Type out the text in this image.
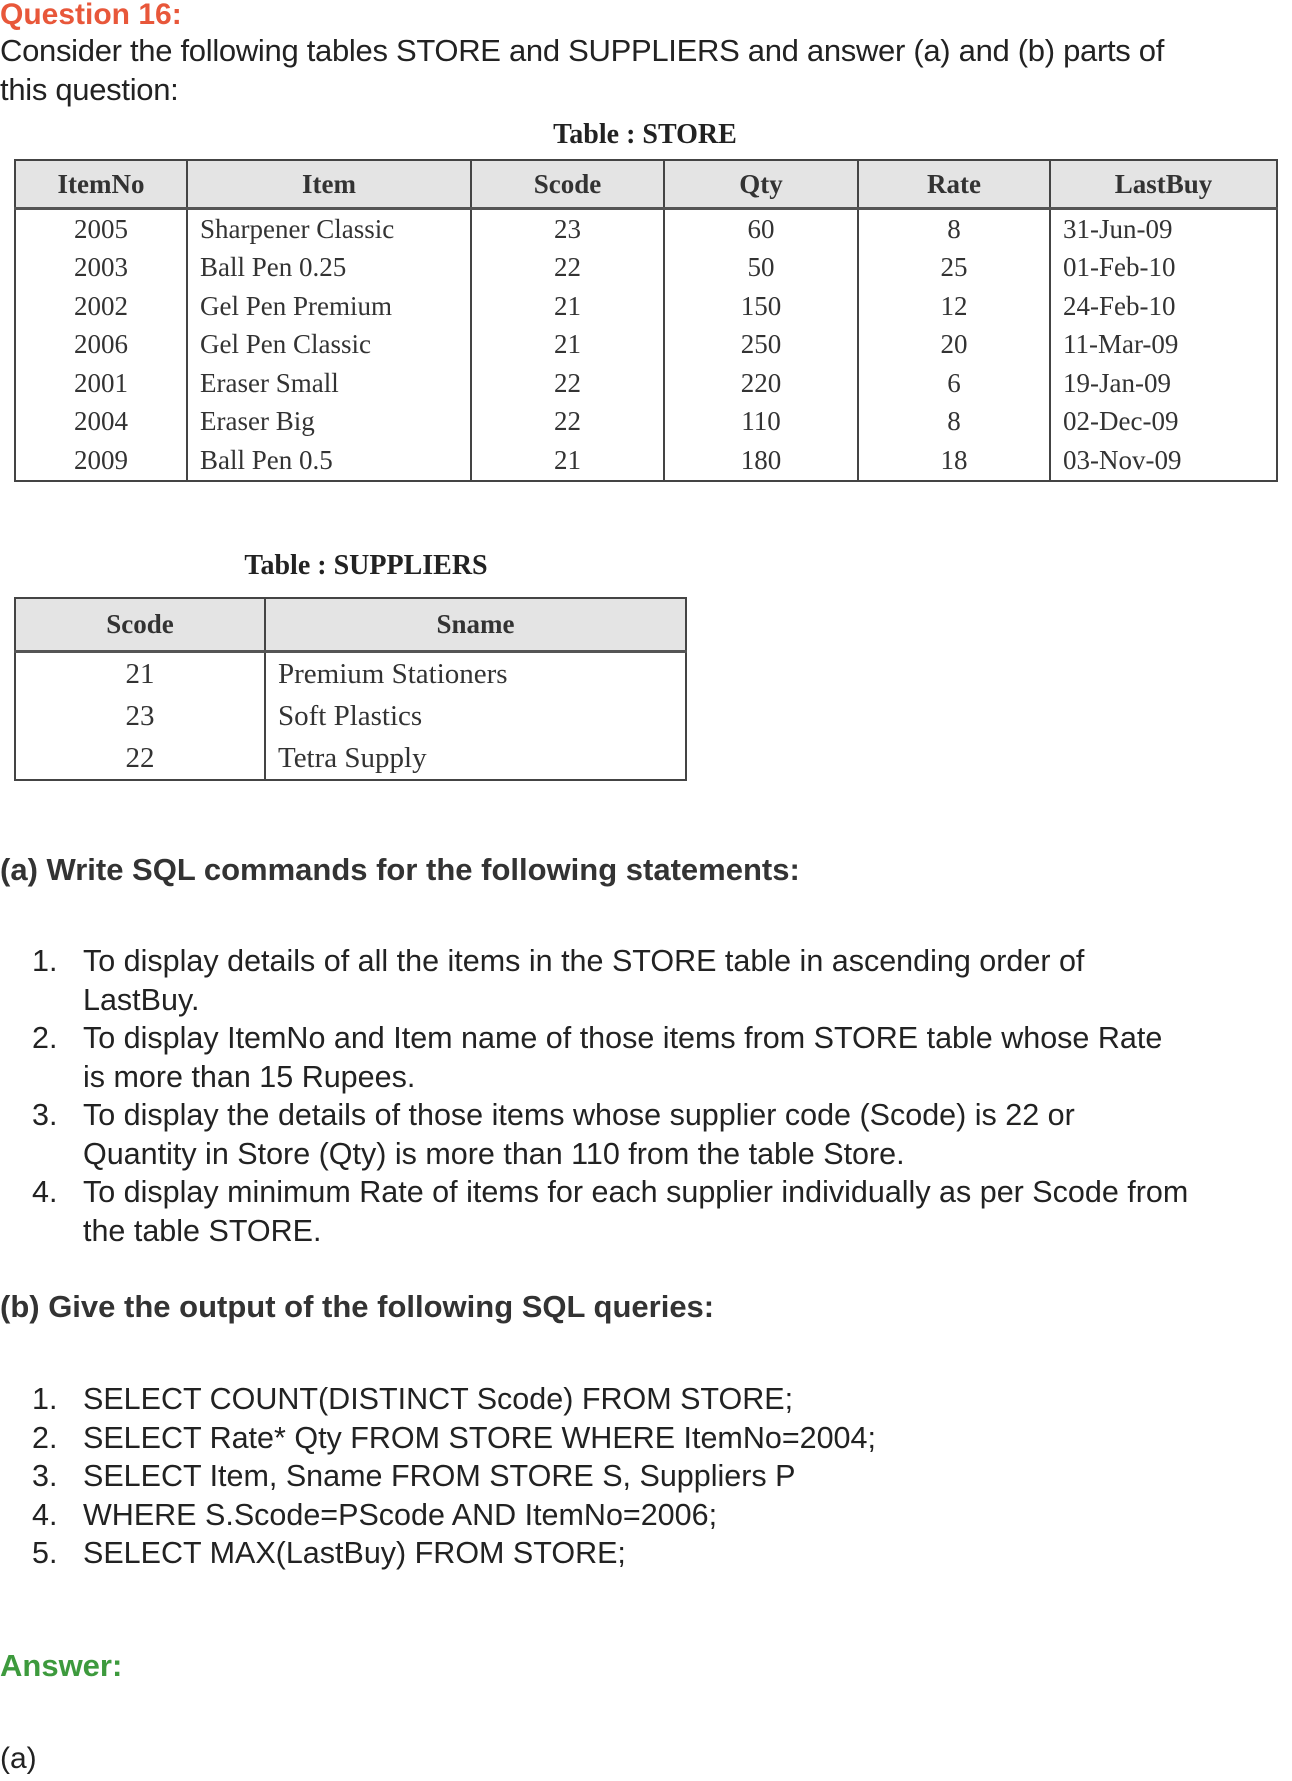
Question 16:
Consider the following tables STORE and SUPPLIERS and answer (a) and (b) parts of
this question:
Table : STORE
ItemNo	Item	Scode	Qty	Rate	LastBuy
2005	Sharpener Classic	23	60	8	31-Jun-09
2003	Ball Pen 0.25	22	50	25	01-Feb-10
2002	Gel Pen Premium	21	150	12	24-Feb-10
2006	Gel Pen Classic	21	250	20	11-Mar-09
2001	Eraser Small	22	220	6	19-Jan-09
2004	Eraser Big	22	110	8	02-Dec-09
2009	Ball Pen 0.5	21	180	18	03-Nov-09
Table : SUPPLIERS
Scode	Sname
21	Premium Stationers
23	Soft Plastics
22	Tetra Supply
(a) Write SQL commands for the following statements:
1. To display details of all the items in the STORE table in ascending order of
LastBuy.
2. To display ItemNo and Item name of those items from STORE table whose Rate
is more than 15 Rupees.
3. To display the details of those items whose supplier code (Scode) is 22 or
Quantity in Store (Qty) is more than 110 from the table Store.
4. To display minimum Rate of items for each supplier individually as per Scode from
the table STORE.
(b) Give the output of the following SQL queries:
1. SELECT COUNT(DISTINCT Scode) FROM STORE;
2. SELECT Rate* Qty FROM STORE WHERE ItemNo=2004;
3. SELECT Item, Sname FROM STORE S, Suppliers P
4. WHERE S.Scode=PScode AND ItemNo=2006;
5. SELECT MAX(LastBuy) FROM STORE;
Answer:
(a)
